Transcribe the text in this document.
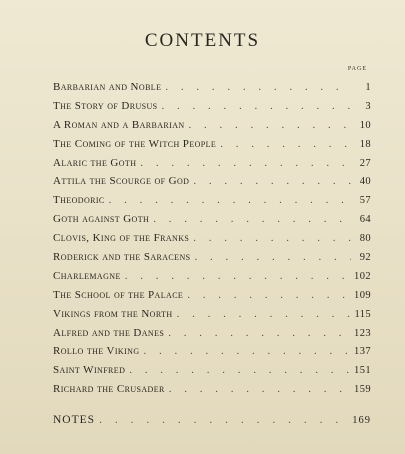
CONTENTS
PAGE
Barbarian and Noble . . .	1
The Story of Drusus . . .	3
A Roman and a Barbarian . . .	10
The Coming of the Witch People . . .	18
Alaric the Goth . . .	27
Attila the Scourge of God . . .	40
Theodoric . . .	57
Goth against Goth . . .	64
Clovis, King of the Franks . . .	80
Roderick and the Saracens . . .	92
Charlemagne . . .	102
The School of the Palace . . .	109
Vikings from the North . . .	115
Alfred and the Danes . . .	123
Rollo the Viking . . .	137
Saint Winfred . . .	151
Richard the Crusader . . .	159
NOTES . . .	169
